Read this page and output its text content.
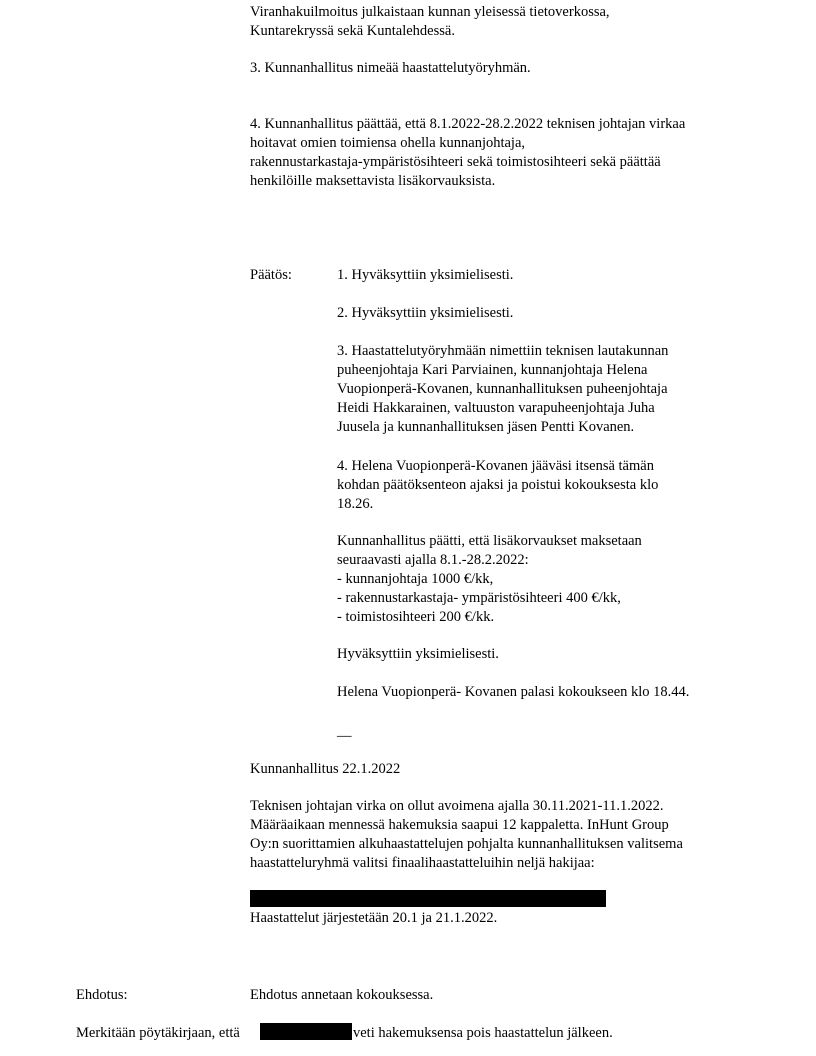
Viranhakuilmoitus julkaistaan kunnan yleisessä tietoverkossa,
Kuntarekryssä sekä Kuntalehdessä.

3. Kunnanhallitus nimeää haastattelutyöryhmän.

4. Kunnanhallitus päättää, että 8.1.2022-28.2.2022 teknisen johtajan virkaa
hoitavat omien toimiensa ohella kunnanjohtaja,
rakennustarkastaja-ympäristösihteeri sekä toimistosihteeri sekä päättää
henkilöille maksettavista lisäkorvauksista.

Päätös:	1. Hyväksyttiin yksimielisesti.

2. Hyväksyttiin yksimielisesti.

3. Haastattelutyöryhmään nimettiin teknisen lautakunnan
puheenjohtaja Kari Parviainen, kunnanjohtaja Helena
Vuopionperä-Kovanen, kunnanhallituksen puheenjohtaja
Heidi Hakkarainen, valtuuston varapuheenjohtaja Juha
Juusela ja kunnanhallituksen jäsen Pentti Kovanen.
4. Helena Vuopionperä-Kovanen jääväsi itsensä tämän
kohdan päätöksenteon ajaksi ja poistui kokouksesta klo
18.26.
Kunnanhallitus päätti, että lisäkorvaukset maksetaan
seuraavasti ajalla 8.1.-28.2.2022:
- kunnanjohtaja 1000 €/kk,
- rakennustarkastaja- ympäristösihteeri 400 €/kk,
- toimistosihteeri 200 €/kk.

Hyväksyttiin yksimielisesti.

Helena Vuopionperä- Kovanen palasi kokoukseen klo 18.44.

__

Kunnanhallitus 22.1.2022

Teknisen johtajan virka on ollut avoimena ajalla 30.11.2021-11.1.2022.
Määräaikaan mennessä hakemuksia saapui 12 kappaletta. InHunt Group
Oy:n suorittamien alkuhaastattelujen pohjalta kunnanhallituksen valitsema
haastatteluryhmä valitsi finaalihaastatteluihin neljä hakijaa:

Haastattelut järjestetään 20.1 ja 21.1.2022.

Ehdotus:	Ehdotus annetaan kokouksessa.

Merkitään pöytäkirjaan, että	veti hakemuksensa pois haastattelun jälkeen.
